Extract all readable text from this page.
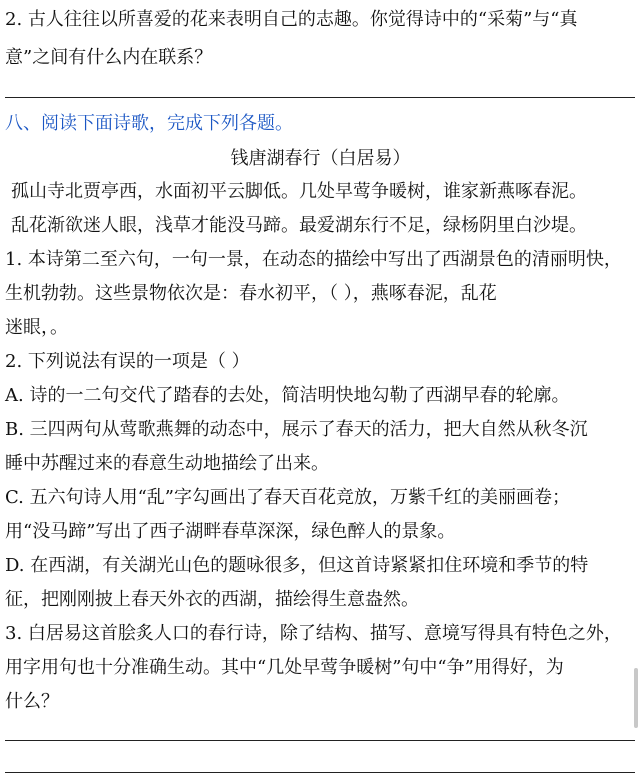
2. 古人往往以所喜爱的花来表明自己的志趣。你觉得诗中的“采菊”与“真
意”之间有什么内在联系？
八、阅读下面诗歌，完成下列各题。
钱唐湖春行（白居易）
孤山寺北贾亭西，水面初平云脚低。几处早莺争暖树，谁家新燕啄春泥。
乱花渐欲迷人眼，浅草才能没马蹄。最爱湖东行不足，绿杨阴里白沙堤。
1. 本诗第二至六句，一句一景，在动态的描绘中写出了西湖景色的清丽明快，
生机勃勃。这些景物依次是：春水初平，（ ），燕啄春泥，乱花
迷眼，。
2. 下列说法有误的一项是（ ）
A. 诗的一二句交代了踏春的去处，简洁明快地勾勒了西湖早春的轮廓。
B. 三四两句从莺歌燕舞的动态中，展示了春天的活力，把大自然从秋冬沉
睡中苏醒过来的春意生动地描绘了出来。
C. 五六句诗人用“乱”字勾画出了春天百花竞放，万紫千红的美丽画卷；
用“没马蹄”写出了西子湖畔春草深深，绿色醉人的景象。
D. 在西湖，有关湖光山色的题咏很多，但这首诗紧紧扣住环境和季节的特
征，把刚刚披上春天外衣的西湖，描绘得生意盎然。
3. 白居易这首脍炙人口的春行诗，除了结构、描写、意境写得具有特色之外，
用字用句也十分准确生动。其中“几处早莺争暖树”句中“争”用得好，为
什么？
